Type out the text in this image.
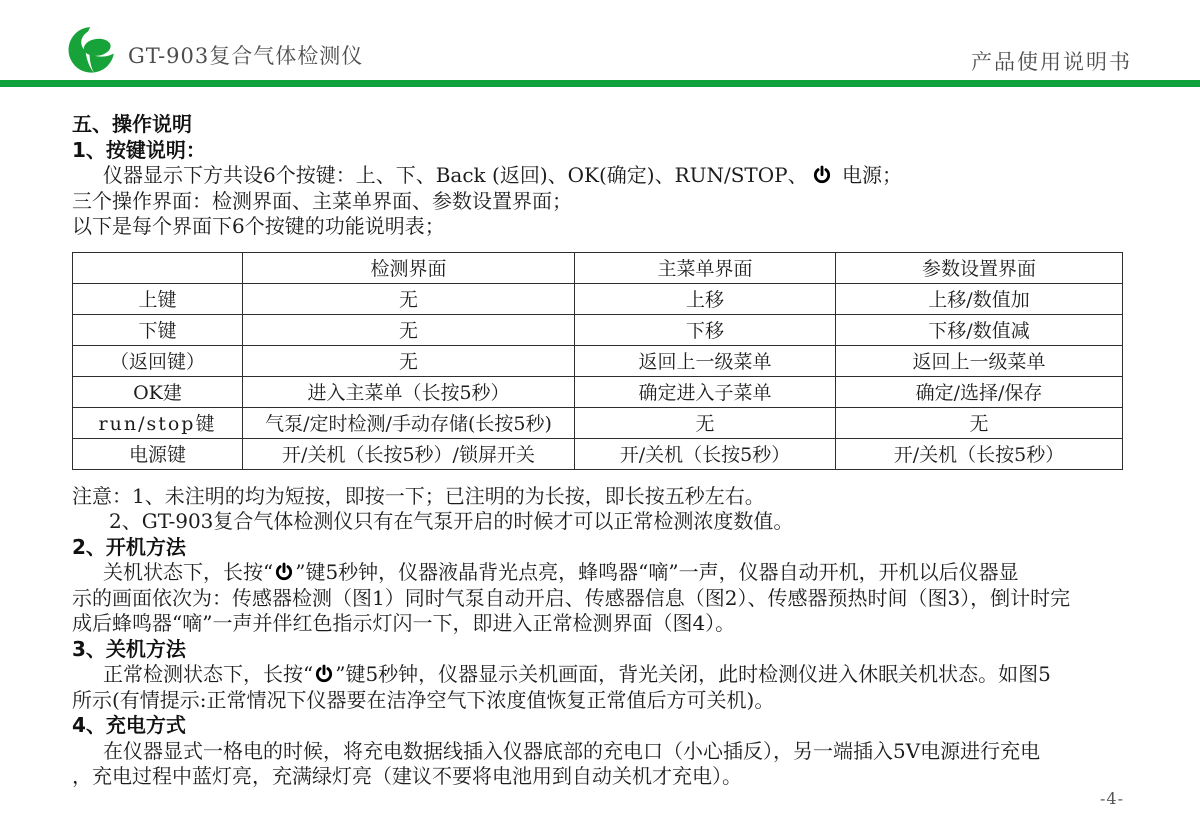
GT-903复合气体检测仪	产品使用说明书
五、操作说明
1、按键说明：
仪器显示下方共设6个按键：上、下、Back (返回)、OK(确定)、RUN/STOP、
电源；
三个操作界面：检测界面、主菜单界面、参数设置界面；
以下是每个界面下6个按键的功能说明表；
	检测界面	主菜单界面	参数设置界面
上键	无	上移	上移/数值加
下键	无	下移	下移/数值减
（返回键）	无	返回上一级菜单	返回上一级菜单
OK建	进入主菜单（长按5秒）	确定进入子菜单	确定/选择/保存
run/stop键	气泵/定时检测/手动存储(长按5秒)	无	无
电源键	开/关机（长按5秒）/锁屏开关	开/关机（长按5秒）	开/关机（长按5秒）
注意：1、未注明的均为短按，即按一下；已注明的为长按，即长按五秒左右。
2、GT-903复合气体检测仪只有在气泵开启的时候才可以正常检测浓度数值。
2、开机方法
关机状态下，长按“ ”键5秒钟，仪器液晶背光点亮，蜂鸣器“嘀”一声，仪器自动开机，开机以后仪器显
示的画面依次为：传感器检测（图1）同时气泵自动开启、传感器信息（图2）、传感器预热时间（图3），倒计时完
成后蜂鸣器“嘀”一声并伴红色指示灯闪一下，即进入正常检测界面（图4）。
3、关机方法
正常检测状态下，长按“ ”键5秒钟，仪器显示关机画面，背光关闭，此时检测仪进入休眠关机状态。如图5
所示(有情提示:正常情况下仪器要在洁净空气下浓度值恢复正常值后方可关机)。
4、充电方式
在仪器显式一格电的时候，将充电数据线插入仪器底部的充电口（小心插反），另一端插入5V电源进行充电
，充电过程中蓝灯亮，充满绿灯亮（建议不要将电池用到自动关机才充电）。
-4-
